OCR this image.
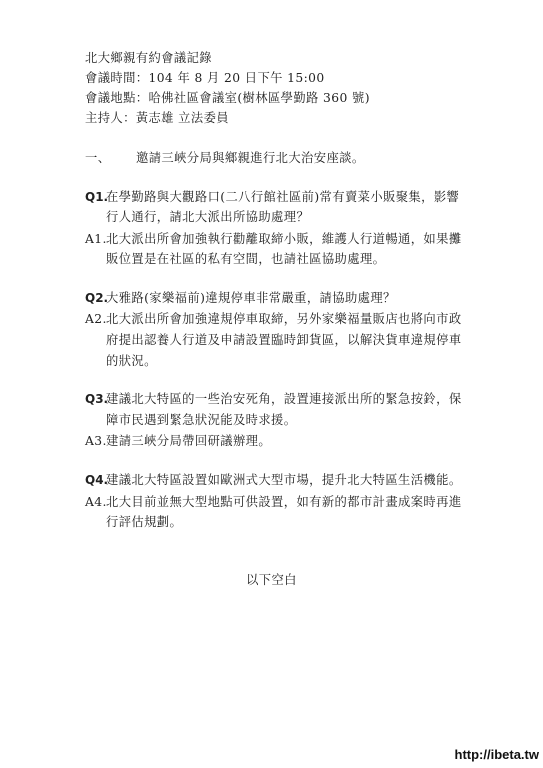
北大鄉親有約會議記錄
會議時間：104 年 8 月 20 日下午 15:00
會議地點：哈佛社區會議室(樹林區學勤路 360 號)
主持人：黃志雄 立法委員
一、 邀請三峽分局與鄉親進行北大治安座談。
Q1.
在學勤路與大觀路口(二八行館社區前)常有賣菜小販聚集，影響
行人通行，請北大派出所協助處理？
A1. 北大派出所會加強執行勸離取締小販，維護人行道暢通，如果攤
販位置是在社區的私有空間，也請社區協助處理。
Q2.
大雅路(家樂福前)違規停車非常嚴重，請協助處理？
A2. 北大派出所會加強違規停車取締，另外家樂福量販店也將向市政
府提出認養人行道及申請設置臨時卸貨區，以解決貨車違規停車
的狀況。
Q3.
建議北大特區的一些治安死角，設置連接派出所的緊急按鈴，保
障市民遇到緊急狀況能及時求援。
A3. 建請三峽分局帶回研議辦理。
Q4.
建議北大特區設置如歐洲式大型市場，提升北大特區生活機能。
A4. 北大目前並無大型地點可供設置，如有新的都市計畫成案時再進
行評估規劃。
以下空白
http://ibeta.tw
